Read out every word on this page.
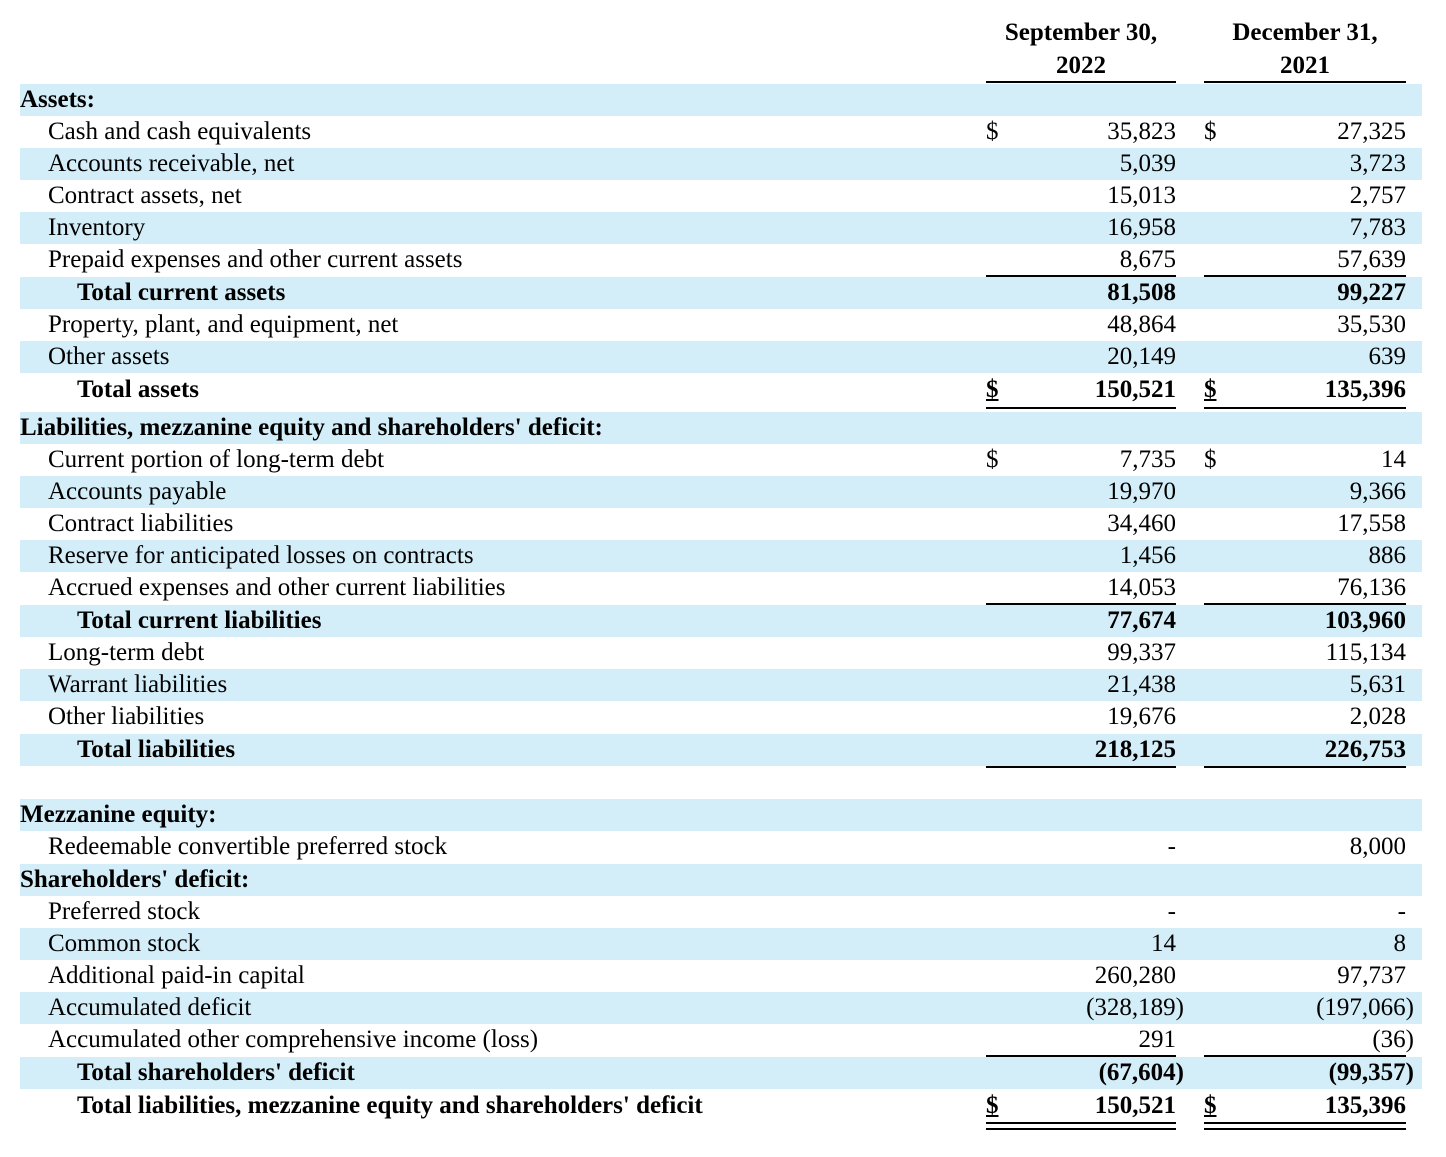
September 30,
2022
December 31,
2021
Assets:
Cash and cash equivalents	$	35,823 $	27,325
Accounts receivable, net	5,039	3,723
Contract assets, net	15,013	2,757
Inventory	16,958	7,783
Prepaid expenses and other current assets	8,675	57,639
Total current assets	81,508	99,227
Property, plant, and equipment, net	48,864	35,530
Other assets	20,149	639
Total assets	$	150,521 $	135,396
Liabilities, mezzanine equity and shareholders' deficit:
Current portion of long-term debt	$	7,735 $	14
Accounts payable	19,970	9,366
Contract liabilities	34,460	17,558
Reserve for anticipated losses on contracts	1,456	886
Accrued expenses and other current liabilities	14,053	76,136
Total current liabilities	77,674	103,960
Long-term debt	99,337	115,134
Warrant liabilities	21,438	5,631
Other liabilities	19,676	2,028
Total liabilities	218,125	226,753
Mezzanine equity:
Redeemable convertible preferred stock	-	8,000
Shareholders' deficit:
Preferred stock	-	-
Common stock	14	8
Additional paid-in capital	260,280	97,737
Accumulated deficit	(328,189)	(197,066)
Accumulated other comprehensive income (loss)	291	(36)
Total shareholders' deficit	(67,604)	(99,357)
Total liabilities, mezzanine equity and shareholders' deficit	$	150,521 $	135,396
